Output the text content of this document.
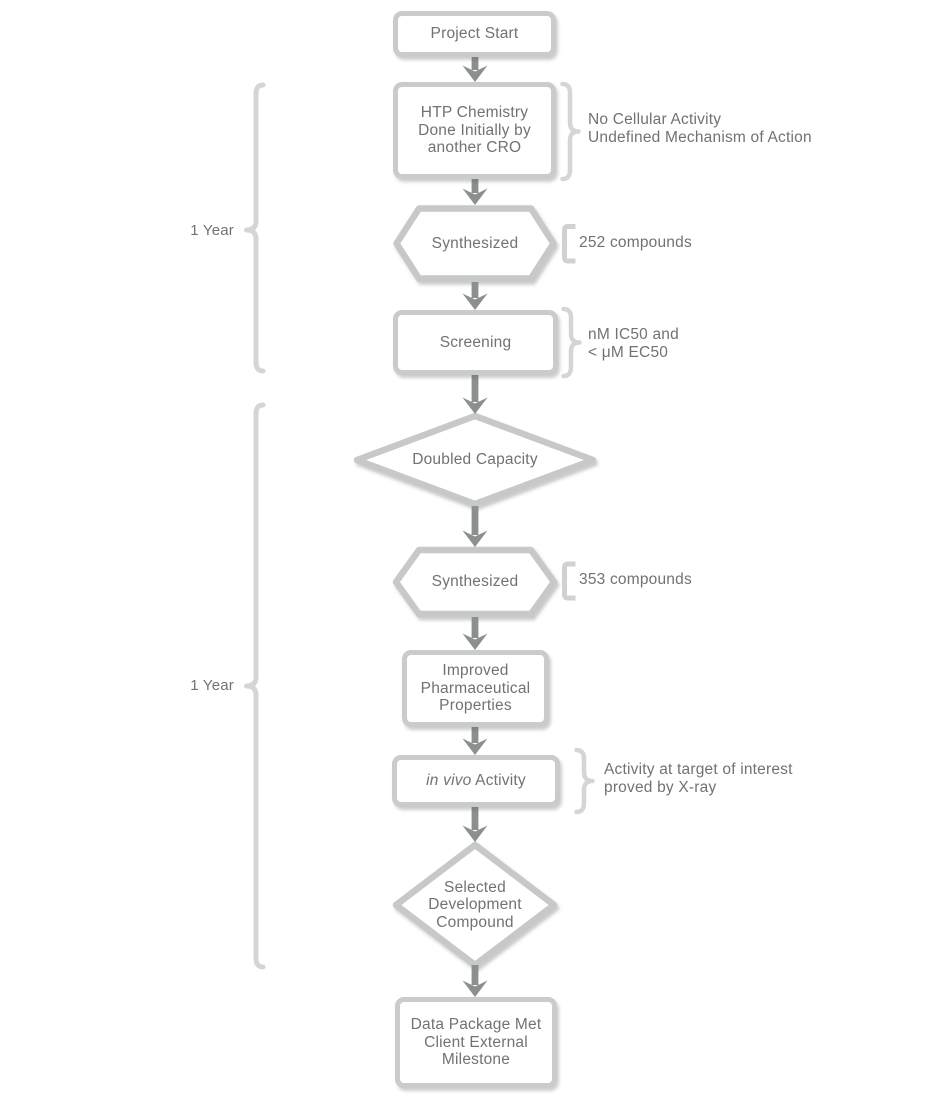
Project Start
HTP Chemistry
Done Initially by
another CRO
Screening
Improved
Pharmaceutical
Properties
in vivo Activity
Data Package Met
Client External
Milestone
Synthesized
Doubled Capacity
Synthesized
Selected
Development
Compound
No Cellular Activity
Undefined Mechanism of Action
252 compounds
nM IC50 and
< μM EC50
353 compounds
Activity at target of interest
proved by X-ray
1 Year
1 Year
